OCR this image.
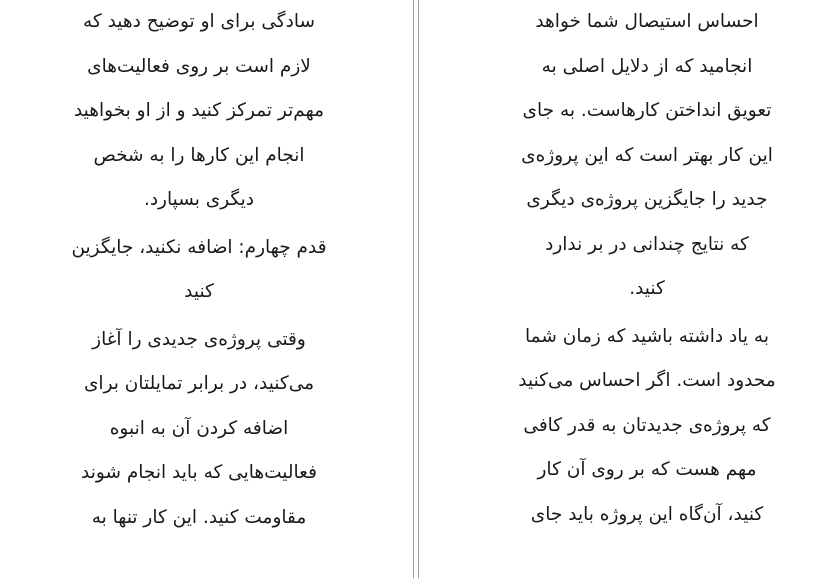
احساس استیصال شما خواهد
انجامید که از دلایل اصلی به
تعویق انداختن کارهاست. به جای
این کار بهتر است که این پروژه‌ی
جدید را جایگزین پروژه‌ی دیگری
که نتایج چندانی در بر ندارد
کنید.

به یاد داشته باشید که زمان شما
محدود است. اگر احساس می‌کنید
که پروژه‌ی جدیدتان به قدر کافی
مهم هست که بر روی آن کار
کنید، آن‌گاه این پروژه باید جای

سادگی برای او توضیح دهید که
لازم است بر روی فعالیت‌های
مهم‌تر تمرکز کنید و از او بخواهید
انجام این کارها را به شخص
دیگری بسپارد.

قدم چهارم: اضافه نکنید، جایگزین
کنید

وقتی پروژه‌ی جدیدی را آغاز
می‌کنید، در برابر تمایلتان برای
اضافه کردن آن به انبوه
فعالیت‌هایی که باید انجام شوند
مقاومت کنید. این کار تنها به
